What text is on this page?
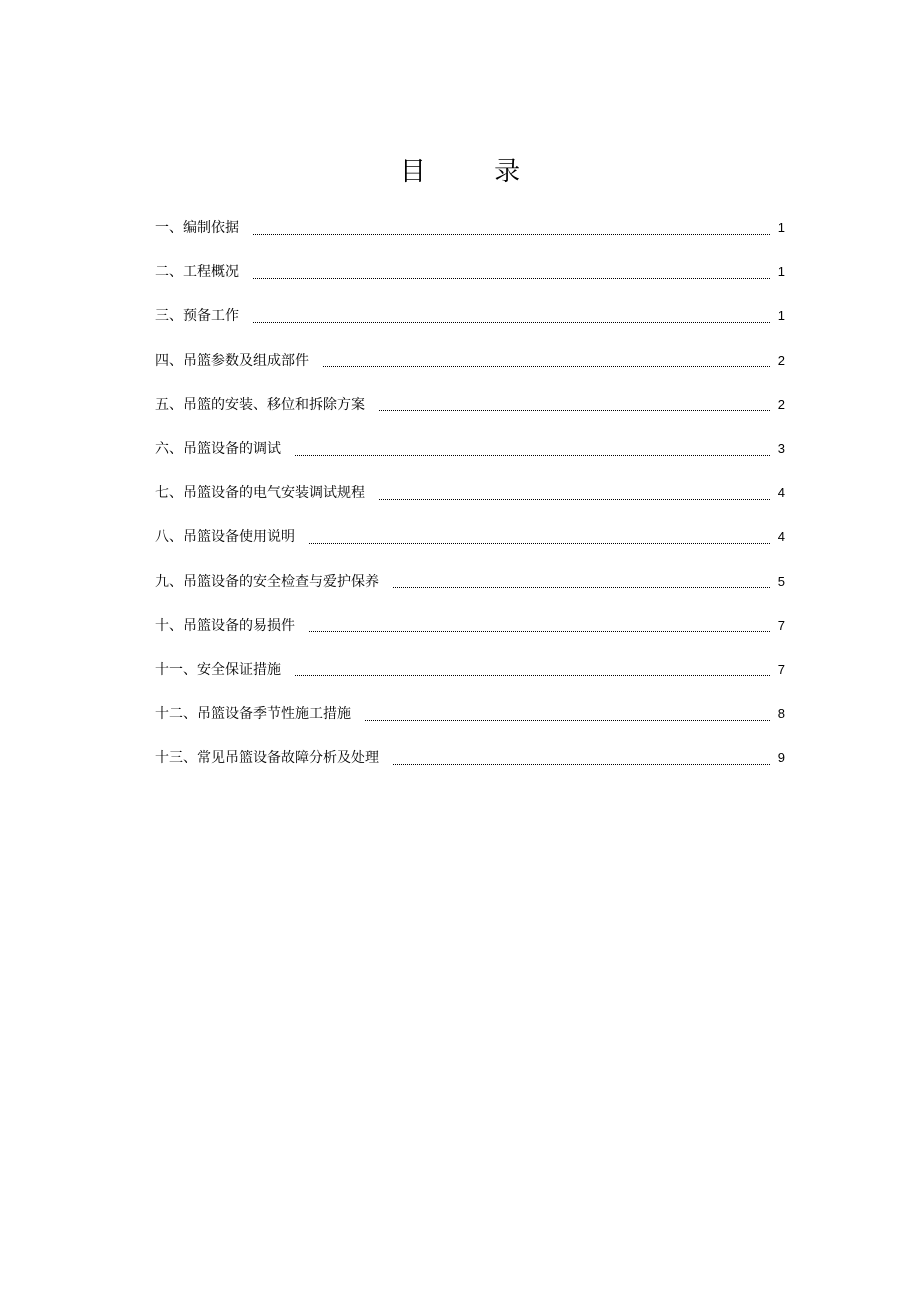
目 录
一、编制依据	1
二、工程概况	1
三、预备工作	1
四、吊篮参数及组成部件	2
五、吊篮的安装、移位和拆除方案	2
六、吊篮设备的调试	3
七、吊篮设备的电气安装调试规程	4
八、吊篮设备使用说明	4
九、吊篮设备的安全检查与爱护保养	5
十、吊篮设备的易损件	7
十一、安全保证措施	7
十二、吊篮设备季节性施工措施	8
十三、常见吊篮设备故障分析及处理	9
